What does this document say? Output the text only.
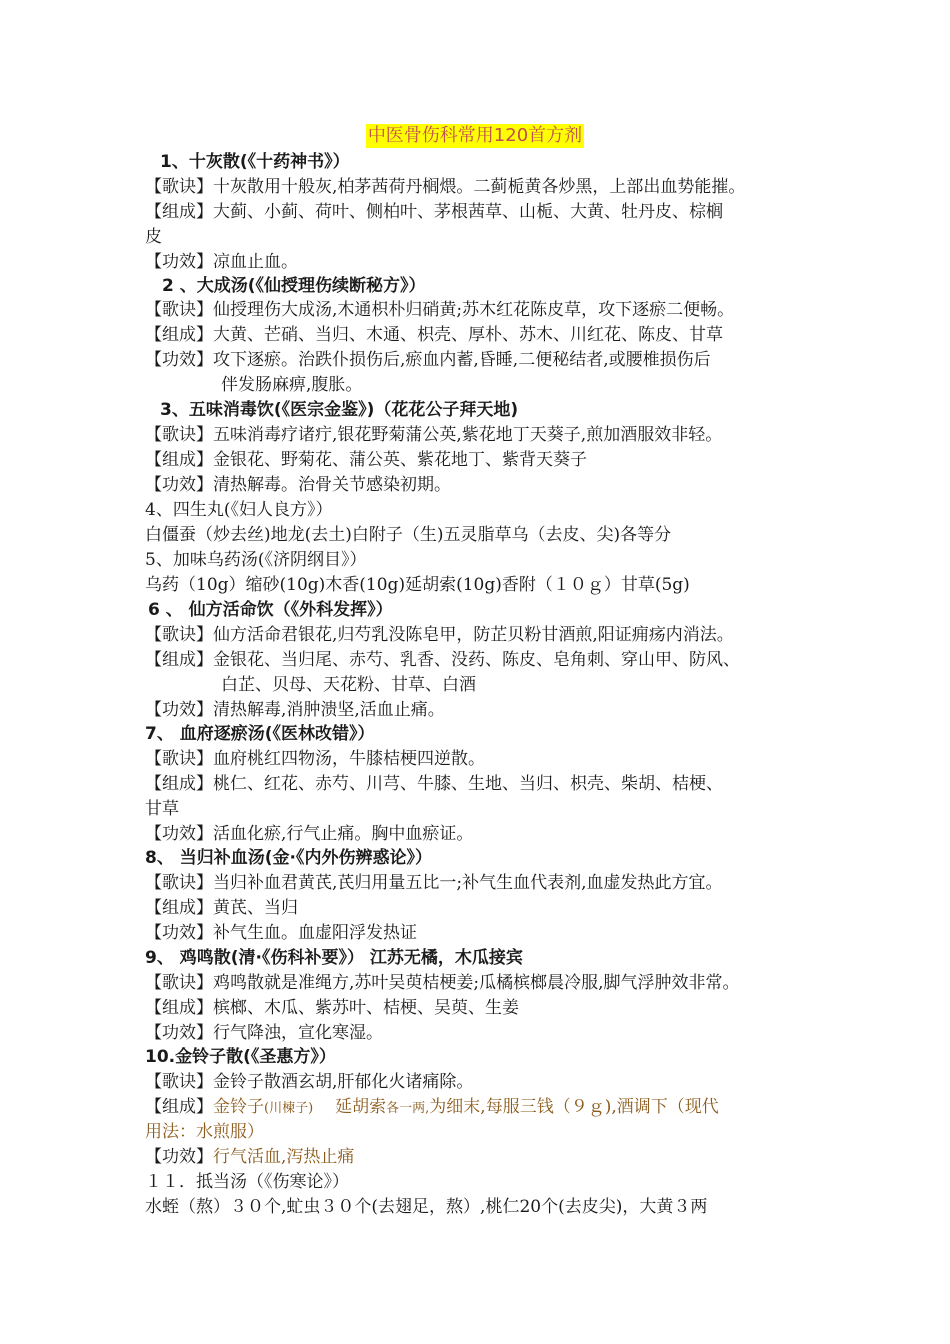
中医骨伤科常用120首方剂
1、十灰散(《十药神书》）
【歌诀】十灰散用十般灰,柏茅茜荷丹榈煨。二蓟栀黄各炒黑，上部出血势能摧。
【组成】大蓟、小蓟、荷叶、侧柏叶、茅根茜草、山栀、大黄、牡丹皮、棕榈
皮
【功效】凉血止血。
2 、大成汤(《仙授理伤续断秘方》）
【歌诀】仙授理伤大成汤,木通枳朴归硝黄;苏木红花陈皮草，攻下逐瘀二便畅。
【组成】大黄、芒硝、当归、木通、枳壳、厚朴、苏木、川红花、陈皮、甘草
【功效】攻下逐瘀。治跌仆损伤后,瘀血内蓄,昏睡,二便秘结者,或腰椎损伤后
伴发肠麻痹,腹胀。
3、五味消毒饮(《医宗金鉴》)（花花公子拜天地)
【歌诀】五味消毒疗诸疔,银花野菊蒲公英,紫花地丁天葵子,煎加酒服效非轻。
【组成】金银花、野菊花、蒲公英、紫花地丁、紫背天葵子
【功效】清热解毒。治骨关节感染初期。
4、四生丸(《妇人良方》）
白僵蚕（炒去丝)地龙(去土)白附子（生)五灵脂草乌（去皮、尖)各等分
5、加味乌药汤(《济阴纲目》）
乌药（10g）缩砂(10g)木香(10g)延胡索(10g)香附（１０ｇ）甘草(5g)
6 、 仙方活命饮（《外科发挥》）
【歌诀】仙方活命君银花,归芍乳没陈皂甲，防芷贝粉甘酒煎,阳证痈疡内消法。
【组成】金银花、当归尾、赤芍、乳香、没药、陈皮、皂角刺、穿山甲、防风、
白芷、贝母、天花粉、甘草、白酒
【功效】清热解毒,消肿溃坚,活血止痛。
7、 血府逐瘀汤(《医林改错》）
【歌诀】血府桃红四物汤，牛膝桔梗四逆散。
【组成】桃仁、红花、赤芍、川芎、牛膝、生地、当归、枳壳、柴胡、桔梗、
甘草
【功效】活血化瘀,行气止痛。胸中血瘀证。
8、 当归补血汤(金·《内外伤辨惑论》）
【歌诀】当归补血君黄芪,芪归用量五比一;补气生血代表剂,血虚发热此方宜。
【组成】黄芪、当归
【功效】补气生血。血虚阳浮发热证
9、 鸡鸣散(清·《伤科补要》） 江苏无橘，木瓜接宾
【歌诀】鸡鸣散就是准绳方,苏叶吴萸桔梗姜;瓜橘槟榔晨冷服,脚气浮肿效非常。
【组成】槟榔、木瓜、紫苏叶、桔梗、吴萸、生姜
【功效】行气降浊，宣化寒湿。
10.金铃子散(《圣惠方》）
【歌诀】金铃子散酒玄胡,肝郁化火诸痛除。
【组成】金铃子(川楝子) 延胡索各一两,为细末,每服三钱（９ｇ),酒调下（现代
用法：水煎服）
【功效】行气活血,泻热止痛
１１．抵当汤（《伤寒论》）
水蛭（熬）３０个,虻虫３０个(去翅足，熬）,桃仁20个(去皮尖)，大黄３两
